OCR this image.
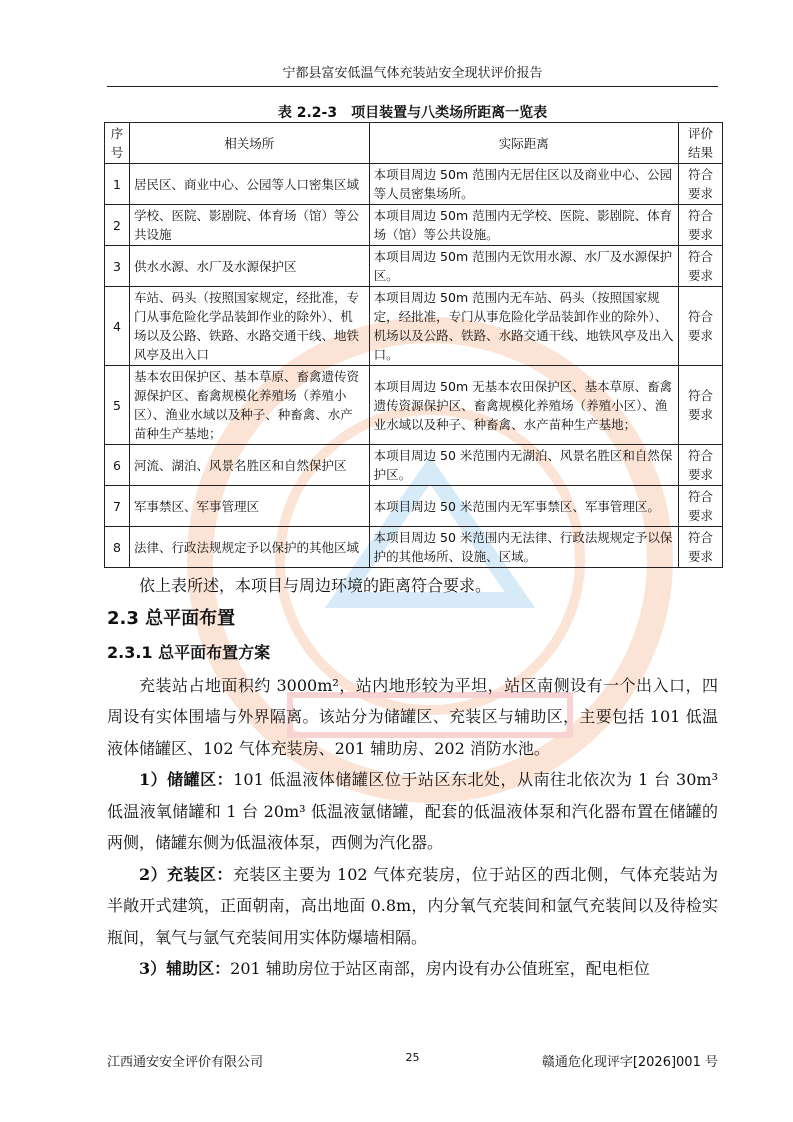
宁都县富安低温气体充装站安全现状评价报告
表 2.2-3　项目装置与八类场所距离一览表
序号	相关场所	实际距离	评价结果
1	居民区、商业中心、公园等人口密集区域	本项目周边 50m 范围内无居住区以及商业中心、公园等人员密集场所。	符合要求
2	学校、医院、影剧院、体育场（馆）等公共设施	本项目周边 50m 范围内无学校、医院、影剧院、体育场（馆）等公共设施。	符合要求
3	供水水源、水厂及水源保护区	本项目周边 50m 范围内无饮用水源、水厂及水源保护区。	符合要求
4	车站、码头（按照国家规定，经批准，专门从事危险化学品装卸作业的除外）、机场以及公路、铁路、水路交通干线、地铁风亭及出入口	本项目周边 50m 范围内无车站、码头（按照国家规定，经批准，专门从事危险化学品装卸作业的除外）、机场以及公路、铁路、水路交通干线、地铁风亭及出入口。	符合要求
5	基本农田保护区、基本草原、畜禽遗传资源保护区、畜禽规模化养殖场（养殖小区）、渔业水域以及种子、种畜禽、水产苗种生产基地；	本项目周边 50m 无基本农田保护区、基本草原、畜禽遗传资源保护区、畜禽规模化养殖场（养殖小区）、渔业水域以及种子、种畜禽、水产苗种生产基地；	符合要求
6	河流、湖泊、风景名胜区和自然保护区	本项目周边 50 米范围内无湖泊、风景名胜区和自然保护区。	符合要求
7	军事禁区、军事管理区	本项目周边 50 米范围内无军事禁区、军事管理区。	符合要求
8	法律、行政法规规定予以保护的其他区域	本项目周边 50 米范围内无法律、行政法规规定予以保护的其他场所、设施、区域。	符合要求

依上表所述，本项目与周边环境的距离符合要求。

2.3 总平面布置

2.3.1 总平面布置方案

充装站占地面积约 3000m²，站内地形较为平坦，站区南侧设有一个出入口，四周设有实体围墙与外界隔离。该站分为储罐区、充装区与辅助区，主要包括 101 低温液体储罐区、102 气体充装房、201 辅助房、202 消防水池。

1）储罐区：101 低温液体储罐区位于站区东北处，从南往北依次为 1 台 30m³ 低温液氧储罐和 1 台 20m³ 低温液氩储罐，配套的低温液体泵和汽化器布置在储罐的两侧，储罐东侧为低温液体泵，西侧为汽化器。

2）充装区：充装区主要为 102 气体充装房，位于站区的西北侧，气体充装站为半敞开式建筑，正面朝南，高出地面 0.8m，内分氧气充装间和氩气充装间以及待检实瓶间，氧气与氩气充装间用实体防爆墙相隔。

3）辅助区：201 辅助房位于站区南部，房内设有办公值班室，配电柜位

江西通安安全评价有限公司	25	赣通危化现评字[2026]001 号
